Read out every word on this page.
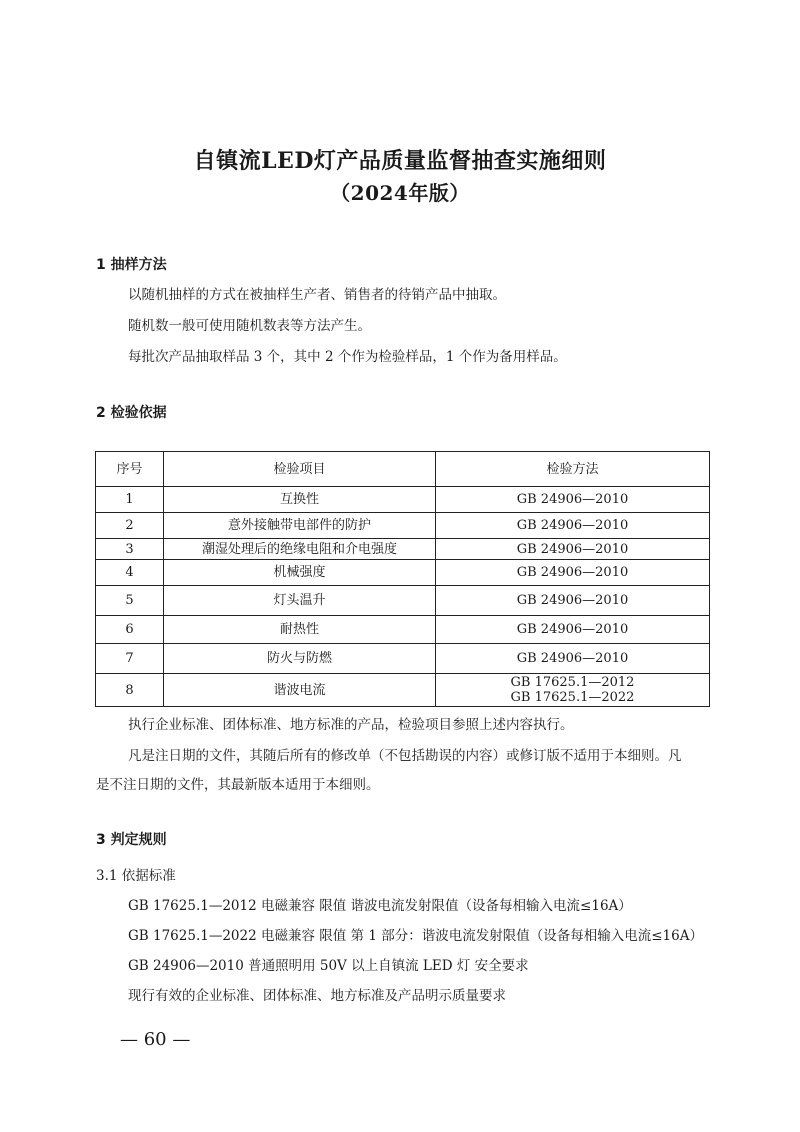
自镇流LED灯产品质量监督抽查实施细则
（2024年版）
1 抽样方法
以随机抽样的方式在被抽样生产者、销售者的待销产品中抽取。
随机数一般可使用随机数表等方法产生。
每批次产品抽取样品 3 个，其中 2 个作为检验样品，1 个作为备用样品。
2 检验依据
序号	检验项目	检验方法
1	互换性	GB 24906—2010
2	意外接触带电部件的防护	GB 24906—2010
3	潮湿处理后的绝缘电阻和介电强度	GB 24906—2010
4	机械强度	GB 24906—2010
5	灯头温升	GB 24906—2010
6	耐热性	GB 24906—2010
7	防火与防燃	GB 24906—2010
8	谐波电流	GB 17625.1—2012
GB 17625.1—2022
执行企业标准、团体标准、地方标准的产品，检验项目参照上述内容执行。
凡是注日期的文件，其随后所有的修改单（不包括勘误的内容）或修订版不适用于本细则。凡
是不注日期的文件，其最新版本适用于本细则。
3 判定规则
3.1 依据标准
GB 17625.1—2012 电磁兼容 限值 谐波电流发射限值（设备每相输入电流≤16A）
GB 17625.1—2022 电磁兼容 限值 第 1 部分：谐波电流发射限值（设备每相输入电流≤16A）
GB 24906—2010 普通照明用 50V 以上自镇流 LED 灯 安全要求
现行有效的企业标准、团体标准、地方标准及产品明示质量要求
— 60 —
